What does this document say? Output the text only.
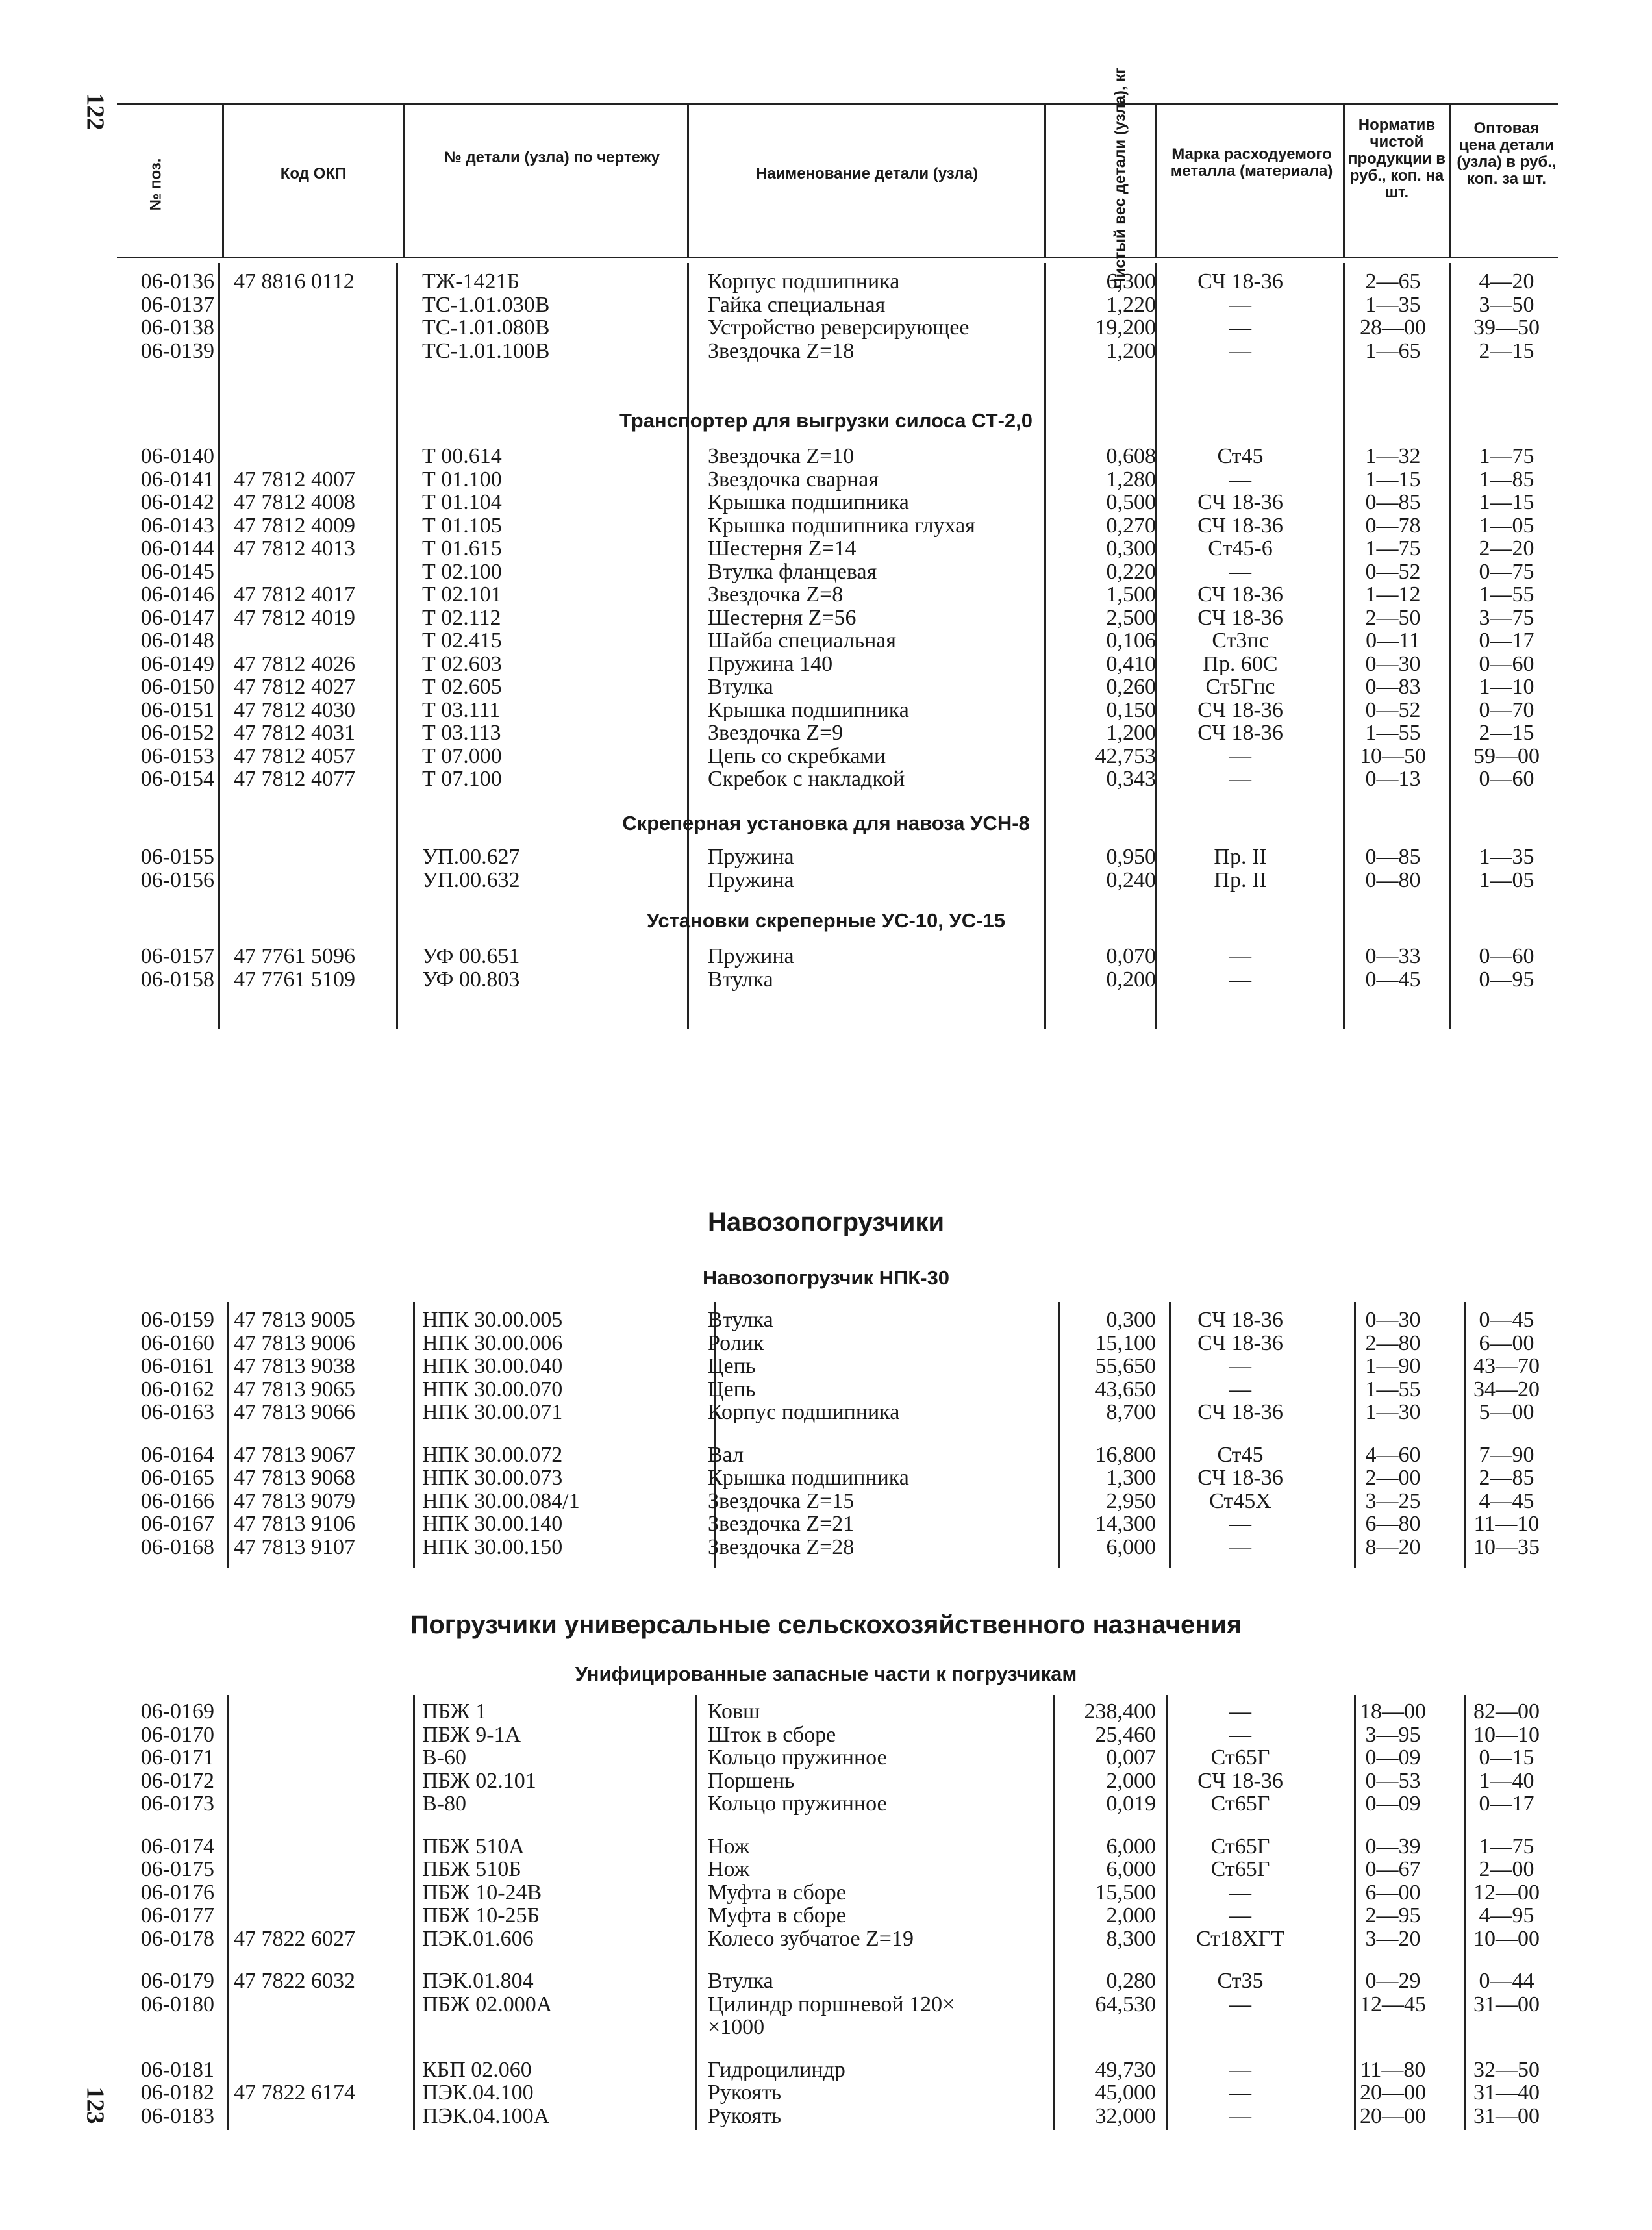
122
123
№ поз.	Код ОКП
№ детали (узла) по чертежу
Наименование детали (узла)	Чистый вес детали (узла), кг	Марка расходуемого металла (материала)
Норматив чистой продукции в руб., коп. на шт.
Оптовая цена детали (узла) в руб., коп. за шт.
06-0136 47 8816 0112	ТЖ-1421Б	Корпус подшипника	6,300	СЧ 18-36	2—65	4—20
06-0137	ТС-1.01.030В	Гайка специальная	1,220	—	1—35	3—50
06-0138	ТС-1.01.080В	Устройство реверсирующее	19,200	—	28—00	39—50
06-0139	ТС-1.01.100В	Звездочка Z=18	1,200	—	1—65	2—15
Транспортер для выгрузки силоса СТ-2,0
06-0140	Т 00.614	Звездочка Z=10	0,608	Ст45	1—32	1—75
06-0141 47 7812 4007	Т 01.100	Звездочка сварная	1,280	—	1—15	1—85
06-0142 47 7812 4008	Т 01.104	Крышка подшипника	0,500	СЧ 18-36	0—85	1—15
06-0143 47 7812 4009	Т 01.105	Крышка подшипника глухая	0,270	СЧ 18-36	0—78	1—05
06-0144 47 7812 4013	Т 01.615	Шестерня Z=14	0,300	Ст45-6	1—75	2—20
06-0145	Т 02.100	Втулка фланцевая	0,220	—	0—52	0—75
06-0146 47 7812 4017	Т 02.101	Звездочка Z=8	1,500	СЧ 18-36	1—12	1—55
06-0147 47 7812 4019	Т 02.112	Шестерня Z=56	2,500	СЧ 18-36	2—50	3—75
06-0148	Т 02.415	Шайба специальная	0,106	Ст3пс	0—11	0—17
06-0149 47 7812 4026	Т 02.603	Пружина 140	0,410	Пр. 60С	0—30	0—60
06-0150 47 7812 4027	Т 02.605	Втулка	0,260	Ст5Гпс	0—83	1—10
06-0151 47 7812 4030	Т 03.111	Крышка подшипника	0,150	СЧ 18-36	0—52	0—70
06-0152 47 7812 4031	Т 03.113	Звездочка Z=9	1,200	СЧ 18-36	1—55	2—15
06-0153 47 7812 4057	Т 07.000	Цепь со скребками	42,753	—	10—50	59—00
06-0154 47 7812 4077	Т 07.100	Скребок с накладкой	0,343	—	0—13	0—60
Скреперная установка для навоза УСН-8
06-0155	УП.00.627	Пружина	0,950	Пр. II	0—85	1—35
06-0156	УП.00.632	Пружина	0,240	Пр. II	0—80	1—05
Установки скреперные УС-10, УС-15
06-0157 47 7761 5096	УФ 00.651	Пружина	0,070	—	0—33	0—60
06-0158 47 7761 5109	УФ 00.803	Втулка	0,200	—	0—45	0—95
Навозопогрузчики
Навозопогрузчик НПК-30
06-0159 47 7813 9005	НПК 30.00.005	Втулка	0,300	СЧ 18-36	0—30	0—45
06-0160 47 7813 9006	НПК 30.00.006	Ролик	15,100	СЧ 18-36	2—80	6—00
06-0161 47 7813 9038	НПК 30.00.040	Цепь	55,650	—	1—90	43—70
06-0162 47 7813 9065	НПК 30.00.070	Цепь	43,650	—	1—55	34—20
06-0163 47 7813 9066	НПК 30.00.071	Корпус подшипника	8,700	СЧ 18-36	1—30	5—00
06-0164 47 7813 9067	НПК 30.00.072	Вал	16,800	Ст45	4—60	7—90
06-0165 47 7813 9068	НПК 30.00.073	Крышка подшипника	1,300	СЧ 18-36	2—00	2—85
06-0166 47 7813 9079	НПК 30.00.084/1	Звездочка Z=15	2,950	Ст45Х	3—25	4—45
06-0167 47 7813 9106	НПК 30.00.140	Звездочка Z=21	14,300	—	6—80	11—10
06-0168 47 7813 9107	НПК 30.00.150	Звездочка Z=28	6,000	—	8—20	10—35
Погрузчики универсальные сельскохозяйственного назначения
Унифицированные запасные части к погрузчикам
06-0169	ПБЖ 1	Ковш	238,400	—	18—00	82—00
06-0170	ПБЖ 9-1А	Шток в сборе	25,460	—	3—95	10—10
06-0171	В-60	Кольцо пружинное	0,007	Ст65Г	0—09	0—15
06-0172	ПБЖ 02.101	Поршень	2,000	СЧ 18-36	0—53	1—40
06-0173	В-80	Кольцо пружинное	0,019	Ст65Г	0—09	0—17
06-0174	ПБЖ 510А	Нож	6,000	Ст65Г	0—39	1—75
06-0175	ПБЖ 510Б	Нож	6,000	Ст65Г	0—67	2—00
06-0176	ПБЖ 10-24В	Муфта в сборе	15,500	—	6—00	12—00
06-0177	ПБЖ 10-25Б	Муфта в сборе	2,000	—	2—95	4—95
06-0178 47 7822 6027	ПЭК.01.606	Колесо зубчатое Z=19	8,300	Ст18ХГТ	3—20	10—00
06-0179 47 7822 6032	ПЭК.01.804	Втулка	0,280	Ст35	0—29	0—44
06-0180	ПБЖ 02.000А	Цилиндр поршневой 120×	64,530	—	12—45	31—00
×1000
06-0181	КБП 02.060	Гидроцилиндр	49,730	—	11—80	32—50
06-0182 47 7822 6174	ПЭК.04.100	Рукоять	45,000	—	20—00	31—40
06-0183	ПЭК.04.100А	Рукоять	32,000	—	20—00	31—00
